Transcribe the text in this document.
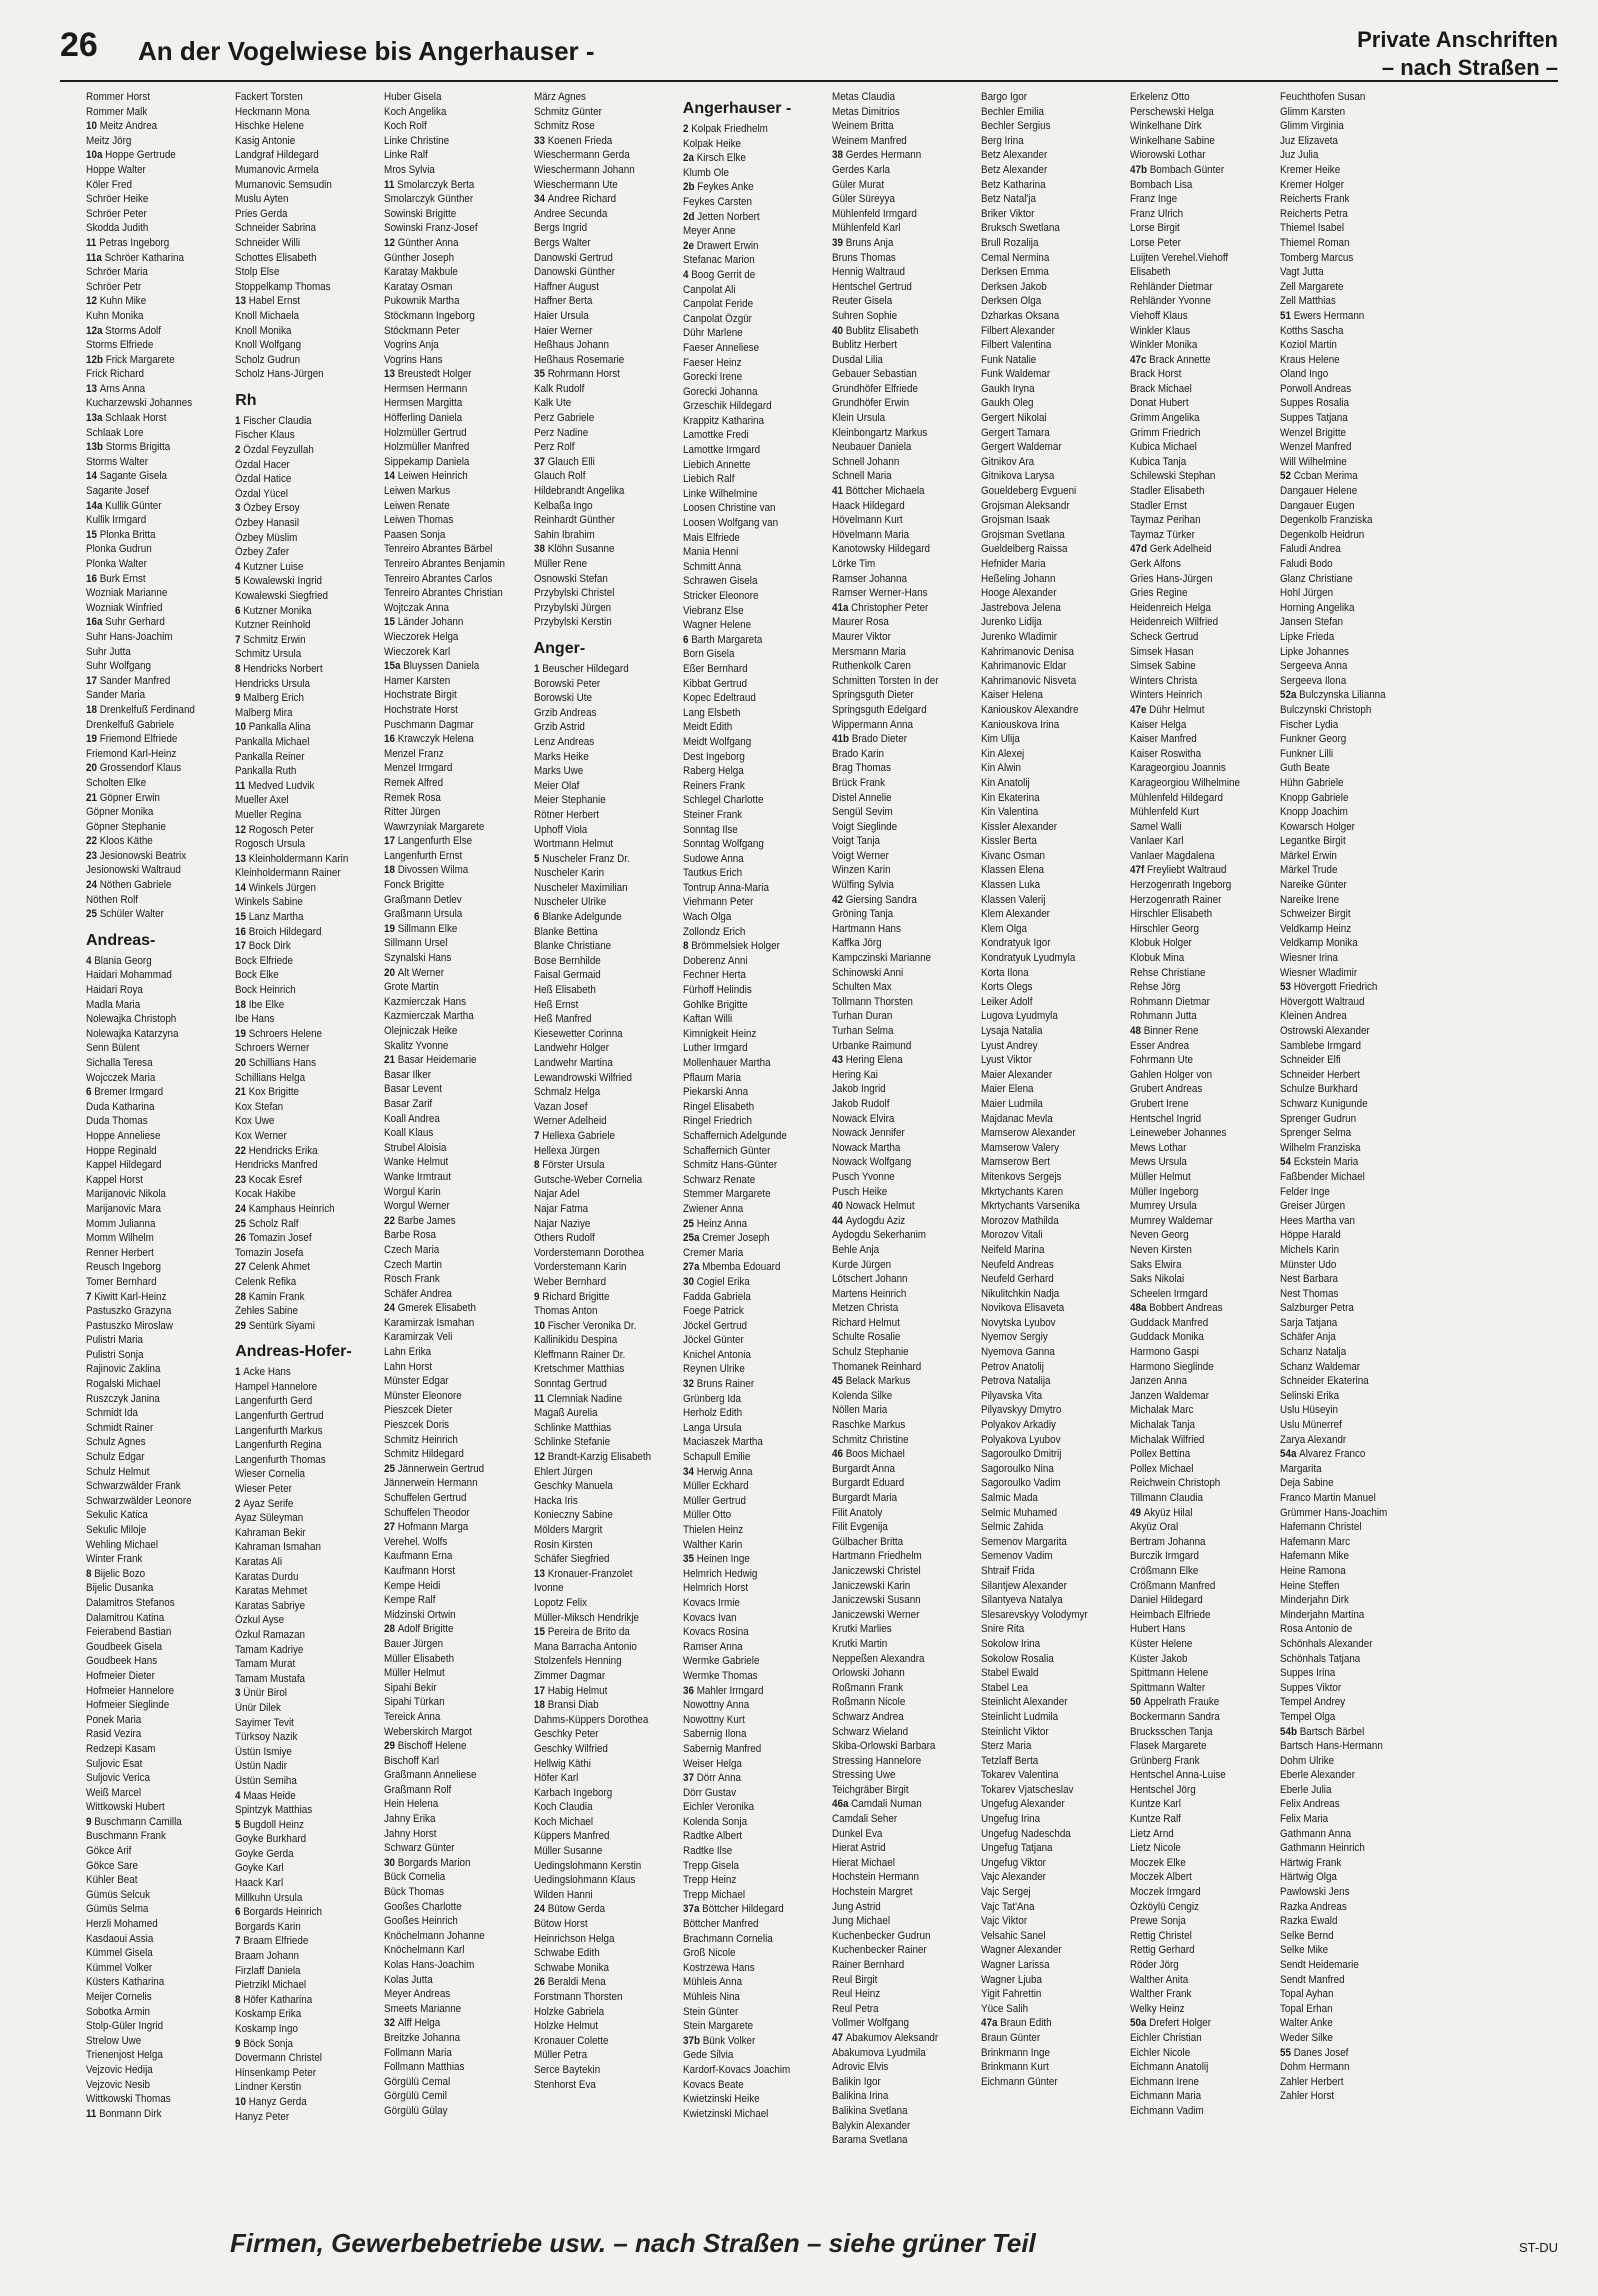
26 An der Vogelwiese bis Angerhauser -	Private Anschriften
– nach Straßen –
Rommer Horst
Rommer Malk
10 Meitz Andrea
Meitz Jörg
10a Hoppe Gertrude
Hoppe Walter
Köler Fred
Schröer Heike
Schröer Peter
Skodda Judith
11 Petras Ingeborg
11a Schröer Katharina
Schröer Maria
Schröer Petr
12 Kuhn Mike
Kuhn Monika
12a Storms Adolf
Storms Elfriede
12b Frick Margarete
Frick Richard
13 Arns Anna
Kucharzewski Johannes
13a Schlaak Horst
Schlaak Lore
13b Storms Brigitta
Storms Walter
14 Sagante Gisela
Sagante Josef
14a Kullik Günter
Kullik Irmgard
15 Plonka Britta
Plonka Gudrun
Plonka Walter
16 Burk Ernst
Wozniak Marianne
Wozniak Winfried
16a Suhr Gerhard
Suhr Hans-Joachim
Suhr Jutta
Suhr Wolfgang
17 Sander Manfred
Sander Maria
18 Drenkelfuß Ferdinand
Drenkelfuß Gabriele
19 Friemond Elfriede
Friemond Karl-Heinz
20 Grossendorf Klaus
Scholten Elke
21 Göpner Erwin
Göpner Monika
Göpner Stephanie
22 Kloos Käthe
23 Jesionowski Beatrix
Jesionowski Waltraud
24 Nöthen Gabriele
Nöthen Rolf
25 Schüler Walter
Andreas-
4 Blania Georg
Haidari Mohammad
Haidari Roya
Madla Maria
Nolewajka Christoph
Nolewajka Katarzyna
Senn Bülent
Sichalla Teresa
Wojcczek Maria
6 Bremer Irmgard
Duda Katharina
Duda Thomas
Hoppe Anneliese
Hoppe Reginald
Kappel Hildegard
Kappel Horst
Marijanovic Nikola
Marijanovic Mara
Momm Julianna
Momm Wilhelm
Renner Herbert
Reusch Ingeborg
Tomer Bernhard
7 Kiwitt Karl-Heinz
Pastuszko Grazyna
Pastuszko Miroslaw
Pulistri Maria
Pulistri Sonja
Rajinovic Zaklina
Rogalski Michael
Ruszczyk Janina
Schmidt Ida
Schmidt Rainer
Schulz Agnes
Schulz Edgar
Schulz Helmut
Schwarzwälder Frank
Schwarzwälder Leonore
Sekulic Katica
Sekulic Miloje
Wehling Michael
Winter Frank
8 Bijelic Bozo
Bijelic Dusanka
Dalamitros Stefanos
Dalamitrou Katina
Feierabend Bastian
Goudbeek Gisela
Goudbeek Hans
Hofmeier Dieter
Hofmeier Hannelore
Hofmeier Sieglinde
Ponek Maria
Rasid Vezira
Redzepi Kasam
Suljovic Esat
Suljovic Verica
Weiß Marcel
Wittkowski Hubert
9 Buschmann Camilla
Buschmann Frank
Gökce Arif
Gökce Sare
Kühler Beat
Gümüs Selcuk
Gümüs Selma
Herzli Mohamed
Kasdaoui Assia
Kümmel Gisela
Kümmel Volker
Küsters Katharina
Meijer Cornelis
Sobotka Armin
Stolp-Güler Ingrid
Strelow Uwe
Trienenjost Helga
Vejzovic Hedija
Vejzovic Nesib
Wittkowski Thomas
11 Bonmann Dirk
Fackert Torsten
Heckmann Mona
Hischke Helene
Kasig Antonie
Landgraf Hildegard
Mumanovic Armela
Mumanovic Semsudin
Muslu Ayten
Pries Gerda
Schneider Sabrina
Schneider Willi
Schottes Elisabeth
Stolp Else
Stoppelkamp Thomas
13 Habel Ernst
Knoll Michaela
Knoll Monika
Knoll Wolfgang
Scholz Gudrun
Scholz Hans-Jürgen
Rh
1 Fischer Claudia
Fischer Klaus
2 Özdal Feyzullah
Özdal Hacer
Özdal Hatice
Özdal Yücel
3 Özbey Ersoy
Özbey Hanasil
Özbey Müslim
Özbey Zafer
4 Kutzner Luise
5 Kowalewski Ingrid
Kowalewski Siegfried
6 Kutzner Monika
Kutzner Reinhold
7 Schmitz Erwin
Schmitz Ursula
8 Hendricks Norbert
Hendricks Ursula
9 Malberg Erich
Malberg Mira
10 Pankalla Alina
Pankalla Michael
Pankalla Reiner
Pankalla Ruth
11 Medved Ludvik
Mueller Axel
Mueller Regina
12 Rogosch Peter
Rogosch Ursula
13 Kleinholdermann Karin
Kleinholdermann Rainer
14 Winkels Jürgen
Winkels Sabine
15 Lanz Martha
16 Broich Hildegard
17 Bock Dirk
Bock Elfriede
Bock Elke
Bock Heinrich
18 Ibe Elke
Ibe Hans
19 Schroers Helene
Schroers Werner
20 Schillians Hans
Schillians Helga
21 Kox Brigitte
Kox Stefan
Kox Uwe
Kox Werner
22 Hendricks Erika
Hendricks Manfred
23 Kocak Esref
Kocak Hakibe
24 Kamphaus Heinrich
25 Scholz Ralf
26 Tomazin Josef
Tomazin Josefa
27 Celenk Ahmet
Celenk Refika
28 Kamin Frank
Zehles Sabine
29 Sentürk Siyami
Andreas-Hofer-
1 Acke Hans
Hampel Hannelore
Langenfurth Gerd
Langenfurth Gertrud
Langenfurth Markus
Langenfurth Regina
Langenfurth Thomas
Wieser Cornelia
Wieser Peter
2 Ayaz Serife
Ayaz Süleyman
Kahraman Bekir
Kahraman Ismahan
Karatas Ali
Karatas Durdu
Karatas Mehmet
Karatas Sabriye
Özkul Ayse
Özkul Ramazan
Tamam Kadriye
Tamam Murat
Tamam Mustafa
3 Ünür Birol
Ünür Dilek
Sayimer Tevit
Türksoy Nazik
Üstün Ismiye
Üstün Nadir
Üstün Semiha
4 Maas Heide
Spintzyk Matthias
5 Bugdoll Heinz
Goyke Burkhard
Goyke Gerda
Goyke Karl
Haack Karl
Millkuhn Ursula
6 Borgards Heinrich
Borgards Karin
7 Braam Elfriede
Braam Johann
Firzlaff Daniela
Pietrzikl Michael
8 Höfer Katharina
Koskamp Erika
Koskamp Ingo
9 Böck Sonja
Dovermann Christel
Hinsenkamp Peter
Lindner Kerstin
10 Hanyz Gerda
Hanyz Peter
Huber Gisela
Koch Angelika
Koch Rolf
Linke Christine
Linke Ralf
Mros Sylvia
11 Smolarczyk Berta
Smolarczyk Günther
Sowinski Brigitte
Sowinski Franz-Josef
12 Günther Anna
Günther Joseph
Karatay Makbule
Karatay Osman
Pukownik Martha
Stöckmann Ingeborg
Stöckmann Peter
Vogrins Anja
Vogrins Hans
13 Breustedt Holger
Hermsen Hermann
Hermsen Margitta
Höfferling Daniela
Holzmüller Gertrud
Holzmüller Manfred
Sippekamp Daniela
14 Leiwen Heinrich
Leiwen Markus
Leiwen Renate
Leiwen Thomas
Paasen Sonja
Tenreiro Abrantes Bärbel
Tenreiro Abrantes Benjamin
Tenreiro Abrantes Carlos
Tenreiro Abrantes Christian
Wojtczak Anna
15 Länder Johann
Wieczorek Helga
Wieczorek Karl
15a Bluyssen Daniela
Hamer Karsten
Hochstrate Birgit
Hochstrate Horst
Puschmann Dagmar
16 Krawczyk Helena
Menzel Franz
Menzel Irmgard
Remek Alfred
Remek Rosa
Ritter Jürgen
Wawrzyniak Margarete
17 Langenfurth Else
Langenfurth Ernst
18 Divossen Wilma
Fonck Brigitte
Graßmann Detlev
Graßmann Ursula
19 Sillmann Elke
Sillmann Ursel
Szynalski Hans
20 Alt Werner
Grote Martin
Kazmierczak Hans
Kazmierczak Martha
Olejniczak Heike
Skalitz Yvonne
21 Basar Heidemarie
Basar Ilker
Basar Levent
Basar Zarif
Koall Andrea
Koall Klaus
Strubel Aloisia
Wanke Helmut
Wanke Irmtraut
Worgul Karin
Worgul Werner
22 Barbe James
Barbe Rosa
Czech Maria
Czech Martin
Rosch Frank
Schäfer Andrea
24 Gmerek Elisabeth
Karamirzak Ismahan
Karamirzak Veli
Lahn Erika
Lahn Horst
Münster Edgar
Münster Eleonore
Pieszcek Dieter
Pieszcek Doris
Schmitz Heinrich
Schmitz Hildegard
25 Jännerwein Gertrud
Jännerwein Hermann
Schuffelen Gertrud
Schuffelen Theodor
27 Hofmann Marga
Verehel. Wolfs
Kaufmann Erna
Kaufmann Horst
Kempe Heidi
Kempe Ralf
Midzinski Ortwin
28 Adolf Brigitte
Bauer Jürgen
Müller Elisabeth
Müller Helmut
Sipahi Bekir
Sipahi Türkan
Tereick Anna
Weberskirch Margot
29 Bischoff Helene
Bischoff Karl
Graßmann Anneliese
Graßmann Rolf
Hein Helena
Jahny Erika
Jahny Horst
Schwarz Günter
30 Borgards Marion
Bück Cornelia
Bück Thomas
Gooßes Charlotte
Gooßes Heinrich
Knöchelmann Johanne
Knöchelmann Karl
Kolas Hans-Joachim
Kolas Jutta
Meyer Andreas
Smeets Marianne
32 Alff Helga
Breitzke Johanna
Follmann Maria
Follmann Matthias
Görgülü Cemal
Görgülü Cemil
Görgülü Gülay
März Agnes
Schmitz Günter
Schmitz Rose
33 Koenen Frieda
Wieschermann Gerda
Wieschermann Johann
Wieschermann Ute
34 Andree Richard
Andree Secunda
Bergs Ingrid
Bergs Walter
Danowski Gertrud
Danowski Günther
Haffner August
Haffner Berta
Haier Ursula
Haier Werner
Heßhaus Johann
Heßhaus Rosemarie
35 Rohrmann Horst
Kalk Rudolf
Kalk Ute
Perz Gabriele
Perz Nadine
Perz Rolf
37 Glauch Elli
Glauch Rolf
Hildebrandt Angelika
Kelbaßa Ingo
Reinhardt Günther
Sahin Ibrahim
38 Klöhn Susanne
Müller Rene
Osnowski Stefan
Przybylski Christel
Przybylski Jürgen
Przybylski Kerstin
Anger-
1 Beuscher Hildegard
Borowski Peter
Borowski Ute
Grzib Andreas
Grzib Astrid
Lenz Andreas
Marks Heike
Marks Uwe
Meier Olaf
Meier Stephanie
Rötner Herbert
Uphoff Viola
Wortmann Helmut
5 Nuscheler Franz Dr.
Nuscheler Karin
Nuscheler Maximilian
Nuscheler Ulrike
6 Blanke Adelgunde
Blanke Bettina
Blanke Christiane
Bose Bernhilde
Faisal Germaid
Heß Elisabeth
Heß Ernst
Heß Manfred
Kiesewetter Corinna
Landwehr Holger
Landwehr Martina
Lewandrowski Wilfried
Schmalz Helga
Vazan Josef
Werner Adelheid
7 Hellexa Gabriele
Hellexa Jürgen
8 Förster Ursula
Gutsche-Weber Cornelia
Najar Adel
Najar Fatma
Najar Naziye
Others Rudolf
Vorderstemann Dorothea
Vorderstemann Karin
Weber Bernhard
9 Richard Brigitte
Thomas Anton
10 Fischer Veronika Dr.
Kallinikidu Despina
Kleffmann Rainer Dr.
Kretschmer Matthias
Sonntag Gertrud
11 Clemniak Nadine
Magaß Aurelia
Schlinke Matthias
Schlinke Stefanie
12 Brandt-Karzig Elisabeth
Ehlert Jürgen
Geschky Manuela
Hacka Iris
Konieczny Sabine
Mölders Margrit
Rosin Kirsten
Schäfer Siegfried
13 Kronauer-Franzolet
Ivonne
Lopotz Felix
Müller-Miksch Hendrikje
15 Pereira de Brito da
Mana Barracha Antonio
Stolzenfels Henning
Zimmer Dagmar
17 Habig Helmut
18 Bransi Diab
Dahms-Küppers Dorothea
Geschky Peter
Geschky Wilfried
Hellwig Käthi
Höfer Karl
Karbach Ingeborg
Koch Claudia
Koch Michael
Küppers Manfred
Müller Susanne
Uedingslohmann Kerstin
Uedingslohmann Klaus
Wilden Hanni
24 Bütow Gerda
Bütow Horst
Heinrichson Helga
Schwabe Edith
Schwabe Monika
26 Beraldi Mena
Forstmann Thorsten
Holzke Gabriela
Holzke Helmut
Kronauer Colette
Müller Petra
Serce Baytekin
Stenhorst Eva
Angerhauser -
2 Kolpak Friedhelm
Kolpak Heike
2a Kirsch Elke
Klumb Ole
2b Feykes Anke
Feykes Carsten
2d Jetten Norbert
Meyer Anne
2e Drawert Erwin
Stefanac Marion
4 Boog Gerrit de
Canpolat Ali
Canpolat Feride
Canpolat Özgür
Dühr Marlene
Faeser Anneliese
Faeser Heinz
Gorecki Irene
Gorecki Johanna
Grzeschik Hildegard
Krappitz Katharina
Lamottke Fredi
Lamottke Irmgard
Liebich Annette
Liebich Ralf
Linke Wilhelmine
Loosen Christine van
Loosen Wolfgang van
Mais Elfriede
Mania Henni
Schmitt Anna
Schrawen Gisela
Stricker Eleonore
Viebranz Else
Wagner Helene
6 Barth Margareta
Born Gisela
Eßer Bernhard
Kibbat Gertrud
Kopec Edeltraud
Lang Elsbeth
Meidt Edith
Meidt Wolfgang
Dest Ingeborg
Raberg Helga
Reiners Frank
Schlegel Charlotte
Steiner Frank
Sonntag Ilse
Sonntag Wolfgang
Sudowe Anna
Tautkus Erich
Tontrup Anna-Maria
Viehmann Peter
Wach Olga
Zollondz Erich
8 Brömmelsiek Holger
Doberenz Anni
Fechner Herta
Fürhoff Helindis
Gohlke Brigitte
Kaftan Willi
Kimnigkeit Heinz
Luther Irmgard
Mollenhauer Martha
Pflaum Maria
Piekarski Anna
Ringel Elisabeth
Ringel Friedrich
Schaffernich Adelgunde
Schaffernich Günter
Schmitz Hans-Günter
Schwarz Renate
Stemmer Margarete
Zwiener Anna
25 Heinz Anna
25a Cremer Joseph
Cremer Maria
27a Mbemba Edouard
30 Cogiel Erika
Fadda Gabriela
Foege Patrick
Jöckel Gertrud
Jöckel Günter
Knichel Antonia
Reynen Ulrike
32 Bruns Rainer
Grünberg Ida
Herholz Edith
Langa Ursula
Maciaszek Martha
Schapull Emilie
34 Herwig Anna
Müller Eckhard
Müller Gertrud
Müller Otto
Thielen Heinz
Walther Karin
35 Heinen Inge
Helmrich Hedwig
Helmrich Horst
Kovacs Irmie
Kovacs Ivan
Kovacs Rosina
Ramser Anna
Wermke Gabriele
Wermke Thomas
36 Mahler Irmgard
Nowottny Anna
Nowottny Kurt
Sabernig Ilona
Sabernig Manfred
Weiser Helga
37 Dörr Anna
Dörr Gustav
Eichler Veronika
Kolenda Sonja
Radtke Albert
Radtke Ilse
Trepp Gisela
Trepp Heinz
Trepp Michael
37a Böttcher Hildegard
Böttcher Manfred
Brachmann Cornelia
Groß Nicole
Kostrzewa Hans
Mühleis Anna
Mühleis Nina
Stein Günter
Stein Margarete
37b Bünk Volker
Gede Silvia
Kardorf-Kovacs Joachim
Kovacs Beate
Kwietzinski Heike
Kwietzinski Michael
Metas Claudia
Metas Dimitrios
Weinem Britta
Weinem Manfred
38 Gerdes Hermann
Gerdes Karla
Güler Murat
Güler Süreyya
Mühlenfeld Irmgard
Mühlenfeld Karl
39 Bruns Anja
Bruns Thomas
Hennig Waltraud
Hentschel Gertrud
Reuter Gisela
Suhren Sophie
40 Bublitz Elisabeth
Bublitz Herbert
Dusdal Lilia
Gebauer Sebastian
Grundhöfer Elfriede
Grundhöfer Erwin
Klein Ursula
Kleinbongartz Markus
Neubauer Daniela
Schnell Johann
Schnell Maria
41 Böttcher Michaela
Haack Hildegard
Hövelmann Kurt
Hövelmann Maria
Kanotowsky Hildegard
Lörke Tim
Ramser Johanna
Ramser Werner-Hans
41a Christopher Peter
Maurer Rosa
Maurer Viktor
Mersmann Maria
Ruthenkolk Caren
Schmitten Torsten In der
Springsguth Dieter
Springsguth Edelgard
Wippermann Anna
41b Brado Dieter
Brado Karin
Brag Thomas
Brück Frank
Distel Annelie
Sengül Sevim
Voigt Sieglinde
Voigt Tanja
Voigt Werner
Winzen Karin
Wülfing Sylvia
42 Giersing Sandra
Gröning Tanja
Hartmann Hans
Kaffka Jörg
Kampczinski Marianne
Schinowski Anni
Schulten Max
Tollmann Thorsten
Turhan Duran
Turhan Selma
Urbanke Raimund
43 Hering Elena
Hering Kai
Jakob Ingrid
Jakob Rudolf
Nowack Elvira
Nowack Jennifer
Nowack Martha
Nowack Wolfgang
Pusch Yvonne
Pusch Heike
40 Nowack Helmut
44 Aydogdu Aziz
Aydogdu Sekerhanim
Behle Anja
Kurde Jürgen
Lötschert Johann
Martens Heinrich
Metzen Christa
Richard Helmut
Schulte Rosalie
Schulz Stephanie
Thomanek Reinhard
45 Belack Markus
Kolenda Silke
Nöllen Maria
Raschke Markus
Schmitz Christine
46 Boos Michael
Burgardt Anna
Burgardt Eduard
Burgardt Maria
Filit Anatoly
Filit Evgenija
Gülbacher Britta
Hartmann Friedhelm
Janiczewski Christel
Janiczewski Karin
Janiczewski Susann
Janiczewski Werner
Krutki Marlies
Krutki Martin
Neppeßen Alexandra
Orlowski Johann
Roßmann Frank
Roßmann Nicole
Schwarz Andrea
Schwarz Wieland
Skiba-Orlowski Barbara
Stressing Hannelore
Stressing Uwe
Teichgräber Birgit
46a Camdali Numan
Camdali Seher
Dunkel Eva
Hierat Astrid
Hierat Michael
Hochstein Hermann
Hochstein Margret
Jung Astrid
Jung Michael
Kuchenbecker Gudrun
Kuchenbecker Rainer
Rainer Bernhard
Reul Birgit
Reul Heinz
Reul Petra
Vollmer Wolfgang
47 Abakumov Aleksandr
Abakumova Lyudmila
Adrovic Elvis
Balikin Igor
Balikina Irina
Balikina Svetlana
Balykin Alexander
Barama Svetlana
Bargo Igor
Bechler Emilia
Bechler Sergius
Berg Irina
Betz Alexander
Betz Alexander
Betz Katharina
Betz Natal'ja
Briker Viktor
Bruksch Swetlana
Brull Rozalija
Cemal Nermina
Derksen Emma
Derksen Jakob
Derksen Olga
Dzharkas Oksana
Filbert Alexander
Filbert Valentina
Funk Natalie
Funk Waldemar
Gaukh Iryna
Gaukh Oleg
Gergert Nikolai
Gergert Tamara
Gergert Waldemar
Gitnikov Ara
Gitnikova Larysa
Goueldeberg Evgueni
Grojsman Aleksandr
Grojsman Isaak
Grojsman Svetlana
Gueldelberg Raissa
Hefnider Maria
Heßeling Johann
Hooge Alexander
Jastrebova Jelena
Jurenko Lidija
Jurenko Wladimir
Kahrimanovic Denisa
Kahrimanovic Eldar
Kahrimanovic Nisveta
Kaiser Helena
Kaniouskov Alexandre
Kaniouskova Irina
Kim Ulija
Kin Alexej
Kin Alwin
Kin Anatolij
Kin Ekaterina
Kin Valentina
Kissler Alexander
Kissler Berta
Kivanc Osman
Klassen Elena
Klassen Luka
Klassen Valerij
Klem Alexander
Klem Olga
Kondratyuk Igor
Kondratyuk Lyudmyla
Korta Ilona
Korts Olegs
Leiker Adolf
Lugova Lyudmyla
Lysaja Natalia
Lyust Andrey
Lyust Viktor
Maier Alexander
Maier Elena
Maier Ludmila
Majdanac Mevla
Mamserow Alexander
Mamserow Valery
Mamserow Bert
Mitenkovs Sergejs
Mkrtychants Karen
Mkrtychants Varsenika
Morozov Mathilda
Morozov Vitali
Neifeld Marina
Neufeld Andreas
Neufeld Gerhard
Nikulitchkin Nadja
Novikova Elisaveta
Novytska Lyubov
Nyemov Sergiy
Nyemova Ganna
Petrov Anatolij
Petrova Natalija
Pilyavska Vita
Pilyavskyy Dmytro
Polyakov Arkadiy
Polyakova Lyubov
Sagoroulko Dmitrij
Sagoroulko Nina
Sagoroulko Vadim
Salmic Mada
Selmic Muhamed
Selmic Zahida
Semenov Margarita
Semenov Vadim
Shtraif Frida
Silantjew Alexander
Silantyeva Natalya
Slesarevskyy Volodymyr
Snire Rita
Sokolow Irina
Sokolow Rosalia
Stabel Ewald
Stabel Lea
Steinlicht Alexander
Steinlicht Ludmila
Steinlicht Viktor
Sterz Maria
Tetzlaff Berta
Tokarev Valentina
Tokarev Vjatscheslav
Ungefug Alexander
Ungefug Irina
Ungefug Nadeschda
Ungefug Tatjana
Ungefug Viktor
Vajc Alexander
Vajc Sergej
Vajc Tat'Ana
Vajc Viktor
Velsahic Sanel
Wagner Alexander
Wagner Larissa
Wagner Ljuba
Yigit Fahrettin
Yüce Salih
47a Braun Edith
Braun Günter
Brinkmann Inge
Brinkmann Kurt
Eichmann Günter
Erkelenz Otto
Perschewski Helga
Winkelhane Dirk
Winkelhane Sabine
Wiorowski Lothar
47b Bombach Günter
Bombach Lisa
Franz Inge
Franz Ulrich
Lorse Birgit
Lorse Peter
Luijten Verehel.Viehoff
Elisabeth
Rehländer Dietmar
Rehländer Yvonne
Viehoff Klaus
Winkler Klaus
Winkler Monika
47c Brack Annette
Brack Horst
Brack Michael
Donat Hubert
Grimm Angelika
Grimm Friedrich
Kubica Michael
Kubica Tanja
Schilewski Stephan
Stadler Elisabeth
Stadler Ernst
Taymaz Perihan
Taymaz Türker
47d Gerk Adelheid
Gerk Alfons
Gries Hans-Jürgen
Gries Regine
Heidenreich Helga
Heidenreich Wilfried
Scheck Gertrud
Simsek Hasan
Simsek Sabine
Winters Christa
Winters Heinrich
47e Dühr Helmut
Kaiser Helga
Kaiser Manfred
Kaiser Roswitha
Karageorgiou Joannis
Karageorgiou Wilhelmine
Mühlenfeld Hildegard
Mühlenfeld Kurt
Samel Walli
Vanlaer Karl
Vanlaer Magdalena
47f Freyliebt Waltraud
Herzogenrath Ingeborg
Herzogenrath Rainer
Hirschler Elisabeth
Hirschler Georg
Klobuk Holger
Klobuk Mina
Rehse Christiane
Rehse Jörg
Rohmann Dietmar
Rohmann Jutta
48 Binner Rene
Esser Andrea
Fohrmann Ute
Gahlen Holger von
Grubert Andreas
Grubert Irene
Hentschel Ingrid
Leineweber Johannes
Mews Lothar
Mews Ursula
Müller Helmut
Müller Ingeborg
Mumrey Ursula
Mumrey Waldemar
Neven Georg
Neven Kirsten
Saks Elwira
Saks Nikolai
Scheelen Irmgard
48a Bobbert Andreas
Guddack Manfred
Guddack Monika
Harmono Gaspi
Harmono Sieglinde
Janzen Anna
Janzen Waldemar
Michalak Marc
Michalak Tanja
Michalak Wilfried
Pollex Bettina
Pollex Michael
Reichwein Christoph
Tillmann Claudia
49 Akyüz Hilal
Akyüz Oral
Bertram Johanna
Burczik Irmgard
Crößmann Elke
Crößmann Manfred
Daniel Hildegard
Heimbach Elfriede
Hubert Hans
Küster Helene
Küster Jakob
Spittmann Helene
Spittmann Walter
50 Appelrath Frauke
Bockermann Sandra
Brucksschen Tanja
Flasek Margarete
Grünberg Frank
Hentschel Anna-Luise
Hentschel Jörg
Kuntze Karl
Kuntze Ralf
Lietz Arnd
Lietz Nicole
Moczek Elke
Moczek Albert
Moczek Irmgard
Özköylü Cengiz
Prewe Sonja
Rettig Christel
Rettig Gerhard
Röder Jörg
Walther Anita
Walther Frank
Welky Heinz
50a Drefert Holger
Eichler Christian
Eichler Nicole
Eichmann Anatolij
Eichmann Irene
Eichmann Maria
Eichmann Vadim
Feuchthofen Susan
Glimm Karsten
Glimm Virginia
Juz Elizaveta
Juz Julia
Kremer Heike
Kremer Holger
Reicherts Frank
Reicherts Petra
Thiemel Isabel
Thiemel Roman
Tomberg Marcus
Vagt Jutta
Zell Margarete
Zell Matthias
51 Ewers Hermann
Kotths Sascha
Koziol Martin
Kraus Helene
Oland Ingo
Porwoll Andreas
Suppes Rosalia
Suppes Tatjana
Wenzel Brigitte
Wenzel Manfred
Will Wilhelmine
52 Ccban Merima
Dangauer Helene
Dangauer Eugen
Degenkolb Franziska
Degenkolb Heidrun
Faludi Andrea
Faludi Bodo
Glanz Christiane
Hohl Jürgen
Horning Angelika
Jansen Stefan
Lipke Frieda
Lipke Johannes
Sergeeva Anna
Sergeeva Ilona
52a Bulczynska Lilianna
Bulczynski Christoph
Fischer Lydia
Funkner Georg
Funkner Lilli
Guth Beate
Hühn Gabriele
Knopp Gabriele
Knopp Joachim
Kowarsch Holger
Legantke Birgit
Märkel Erwin
Märkel Trude
Nareike Günter
Nareike Irene
Schweizer Birgit
Veldkamp Heinz
Veldkamp Monika
Wiesner Irina
Wiesner Wladimir
53 Hövergott Friedrich
Hövergott Waltraud
Kleinen Andrea
Ostrowski Alexander
Samblebe Irmgard
Schneider Elfi
Schneider Herbert
Schulze Burkhard
Schwarz Kunigunde
Sprenger Gudrun
Sprenger Selma
Wilhelm Franziska
54 Eckstein Maria
Faßbender Michael
Felder Inge
Greiser Jürgen
Hees Martha van
Höppe Harald
Michels Karin
Münster Udo
Nest Barbara
Nest Thomas
Salzburger Petra
Sarja Tatjana
Schäfer Anja
Schanz Natalja
Schanz Waldemar
Schneider Ekaterina
Selinski Erika
Uslu Hüseyin
Uslu Münerref
Zarya Alexandr
54a Alvarez Franco
Margarita
Deja Sabine
Franco Martin Manuel
Grümmer Hans-Joachim
Hafemann Christel
Hafemann Marc
Hafemann Mike
Heine Ramona
Heine Steffen
Minderjahn Dirk
Minderjahn Martina
Rosa Antonio de
Schönhals Alexander
Schönhals Tatjana
Suppes Irina
Suppes Viktor
Tempel Andrey
Tempel Olga
54b Bartsch Bärbel
Bartsch Hans-Hermann
Dohm Ulrike
Eberle Alexander
Eberle Julia
Felix Andreas
Felix Maria
Gathmann Anna
Gathmann Heinrich
Härtwig Frank
Härtwig Olga
Pawlowski Jens
Razka Andreas
Razka Ewald
Selke Bernd
Selke Mike
Sendt Heidemarie
Sendt Manfred
Topal Ayhan
Topal Erhan
Walter Anke
Weder Silke
55 Danes Josef
Dohm Hermann
Zahler Herbert
Zahler Horst
Firmen, Gewerbebetriebe usw. – nach Straßen – siehe grüner Teil	ST-DU
